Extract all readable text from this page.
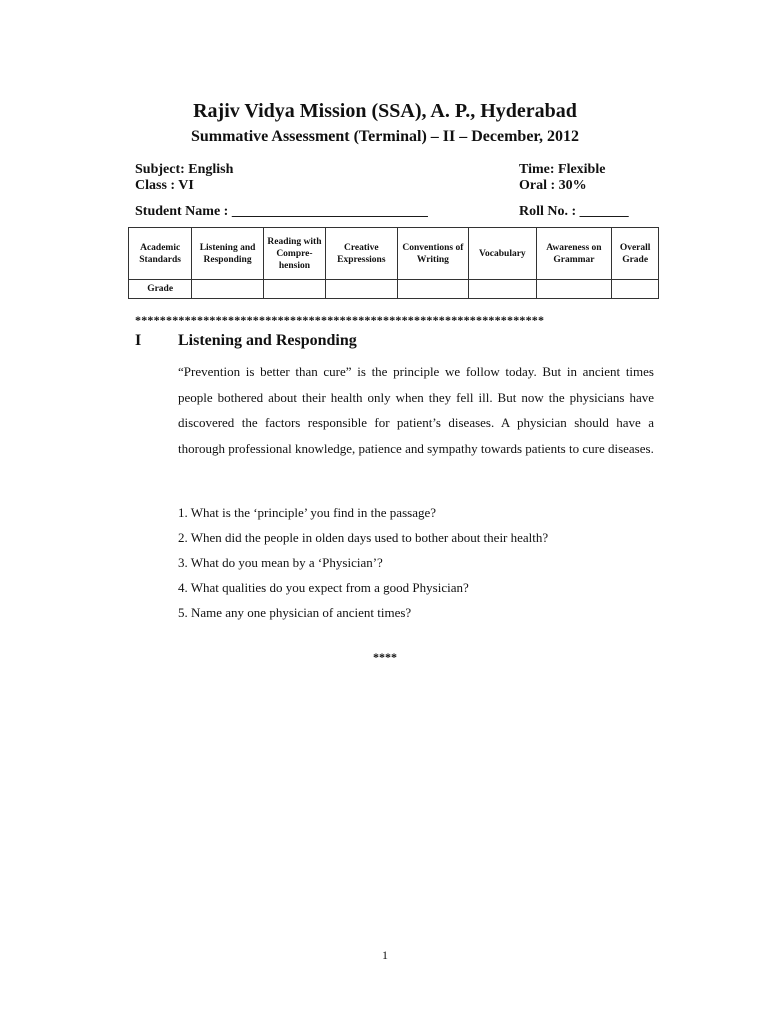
Rajiv Vidya Mission (SSA), A. P., Hyderabad
Summative Assessment (Terminal) – II – December, 2012
Subject: English
Class : VI
Time: Flexible
Oral : 30%
Student Name : ____________________________	Roll No. : _______
Academic Standards	Listening and Responding	Reading with Compre-hension	Creative Expressions	Conventions of Writing	Vocabulary	Awareness on Grammar	Overall Grade
Grade							
******************************************************************
I Listening and Responding

“Prevention is better than cure” is the principle we follow today. But in ancient times people bothered about their health only when they fell ill. But now the physicians have discovered the factors responsible for patient’s diseases. A physician should have a thorough professional knowledge, patience and sympathy towards patients to cure diseases.

1. What is the ‘principle’ you find in the passage?
2. When did the people in olden days used to bother about their health?
3. What do you mean by a ‘Physician’?
4. What qualities do you expect from a good Physician?
5. Name any one physician of ancient times?
****
1
